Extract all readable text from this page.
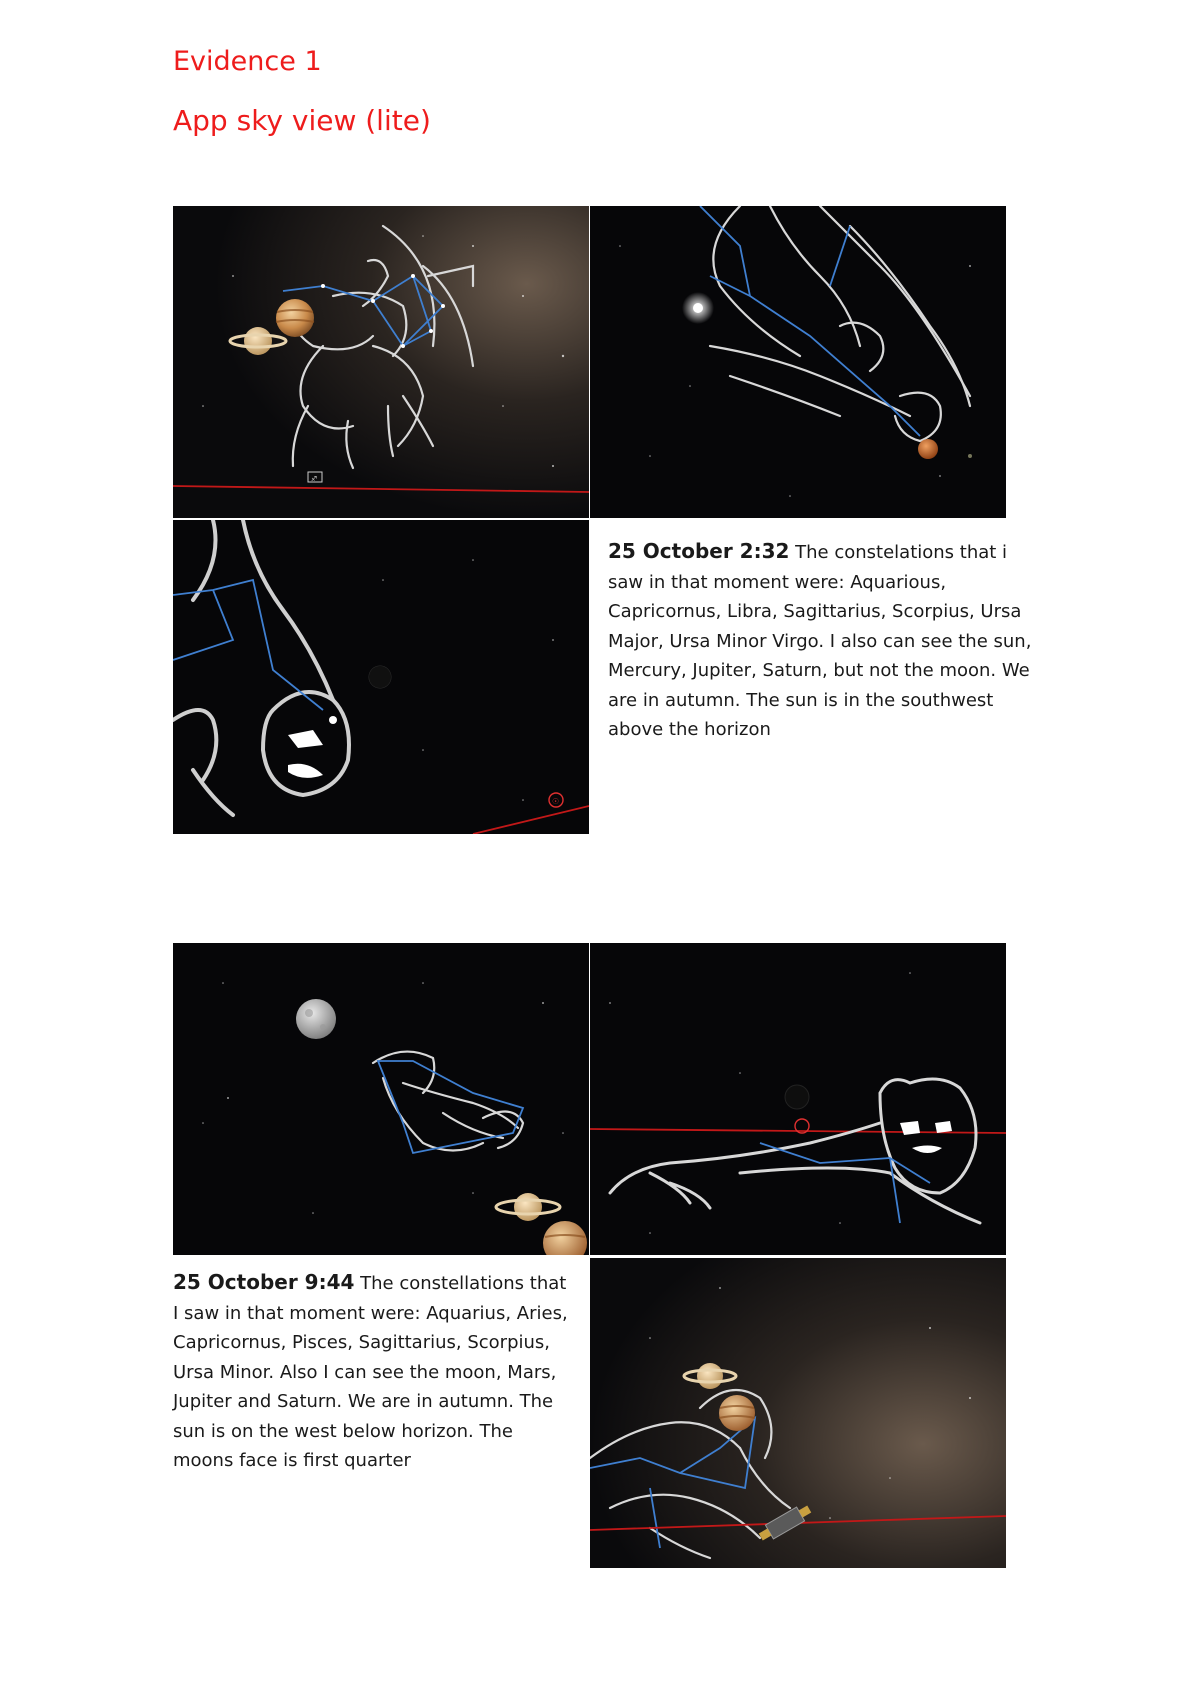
Evidence 1
App sky view (lite)
♐
☉
25 October 2:32 The constelations that i saw in that moment were: Aquarious, Capricornus, Libra, Sagittarius, Scorpius, Ursa Major, Ursa Minor Virgo. I also can see the sun, Mercury, Jupiter, Saturn, but not the moon. We are in autumn. The sun is in the southwest above the horizon
25 October 9:44 The constellations that I saw in that moment were: Aquarius, Aries, Capricornus, Pisces, Sagittarius, Scorpius, Ursa Minor. Also I can see the moon, Mars, Jupiter and Saturn. We are in autumn. The sun is on the west below horizon. The moons face is first quarter
